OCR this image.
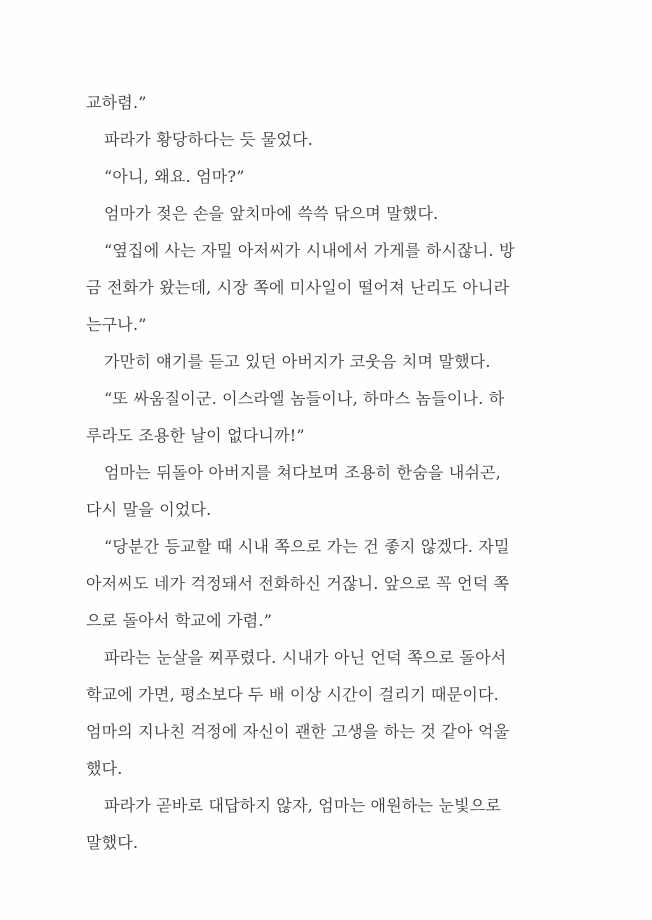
교하렴.”
파라가 황당하다는 듯 물었다.
“아니, 왜요. 엄마?”
엄마가 젖은 손을 앞치마에 쓱쓱 닦으며 말했다.
“옆집에 사는 자밀 아저씨가 시내에서 가게를 하시잖니. 방
금 전화가 왔는데, 시장 쪽에 미사일이 떨어져 난리도 아니라
는구나.”
가만히 얘기를 듣고 있던 아버지가 코웃음 치며 말했다.
“또 싸움질이군. 이스라엘 놈들이나, 하마스 놈들이나. 하
루라도 조용한 날이 없다니까!”
엄마는 뒤돌아 아버지를 쳐다보며 조용히 한숨을 내쉬곤,
다시 말을 이었다.
“당분간 등교할 때 시내 쪽으로 가는 건 좋지 않겠다. 자밀
아저씨도 네가 걱정돼서 전화하신 거잖니. 앞으로 꼭 언덕 쪽
으로 돌아서 학교에 가렴.”
파라는 눈살을 찌푸렸다. 시내가 아닌 언덕 쪽으로 돌아서
학교에 가면, 평소보다 두 배 이상 시간이 걸리기 때문이다.
엄마의 지나친 걱정에 자신이 괜한 고생을 하는 것 같아 억울
했다.
파라가 곧바로 대답하지 않자, 엄마는 애원하는 눈빛으로
말했다.
